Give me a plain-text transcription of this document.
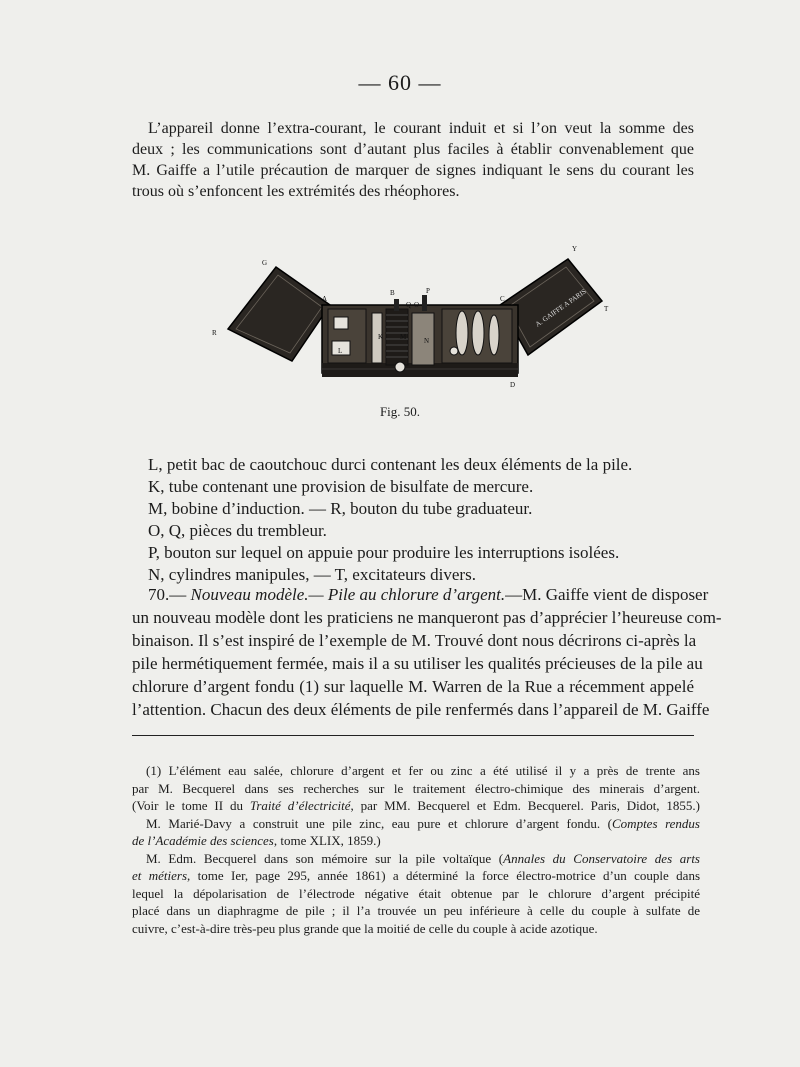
— 60 —
L’appareil donne l’extra-courant, le courant induit et si l’on veut la somme des
deux ; les communications sont d’autant plus faciles à établir convenablement que
M. Gaiffe a l’utile précaution de marquer de signes indiquant le sens du courant les
trous où s’enfoncent les extrémités des rhéophores.
A. GAIFFE A PARIS
G
Y
A
B	P
C
Q O
R	M
K
L
N
T
D
Fig. 50.
L, petit bac de caoutchouc durci contenant les deux éléments de la pile.
K, tube contenant une provision de bisulfate de mercure.
M, bobine d’induction. — R, bouton du tube graduateur.
O, Q, pièces du trembleur.
P, bouton sur lequel on appuie pour produire les interruptions isolées.
N, cylindres manipules, — T, excitateurs divers.
70.— Nouveau modèle.— Pile au chlorure d’argent.—M. Gaiffe vient de disposer
un nouveau modèle dont les praticiens ne manqueront pas d’apprécier l’heureuse com-
binaison. Il s’est inspiré de l’exemple de M. Trouvé dont nous décrirons ci-après la
pile hermétiquement fermée, mais il a su utiliser les qualités précieuses de la pile au
chlorure d’argent fondu (1) sur laquelle M. Warren de la Rue a récemment appelé
l’attention. Chacun des deux éléments de pile renfermés dans l’appareil de M. Gaiffe
(1) L’élément eau salée, chlorure d’argent et fer ou zinc a été utilisé il y a près de trente ans
par M. Becquerel dans ses recherches sur le traitement électro-chimique des minerais d’argent.
(Voir le tome II du Traité d’électricité, par MM. Becquerel et Edm. Becquerel. Paris, Didot, 1855.)
M. Marié-Davy a construit une pile zinc, eau pure et chlorure d’argent fondu. (Comptes rendus
de l’Académie des sciences, tome XLIX, 1859.)
M. Edm. Becquerel dans son mémoire sur la pile voltaïque (Annales du Conservatoire des arts
et métiers, tome Ier, page 295, année 1861) a déterminé la force électro-motrice d’un couple dans
lequel la dépolarisation de l’électrode négative était obtenue par le chlorure d’argent précipité
placé dans un diaphragme de pile ; il l’a trouvée un peu inférieure à celle du couple à sulfate de
cuivre, c’est-à-dire très-peu plus grande que la moitié de celle du couple à acide azotique.
